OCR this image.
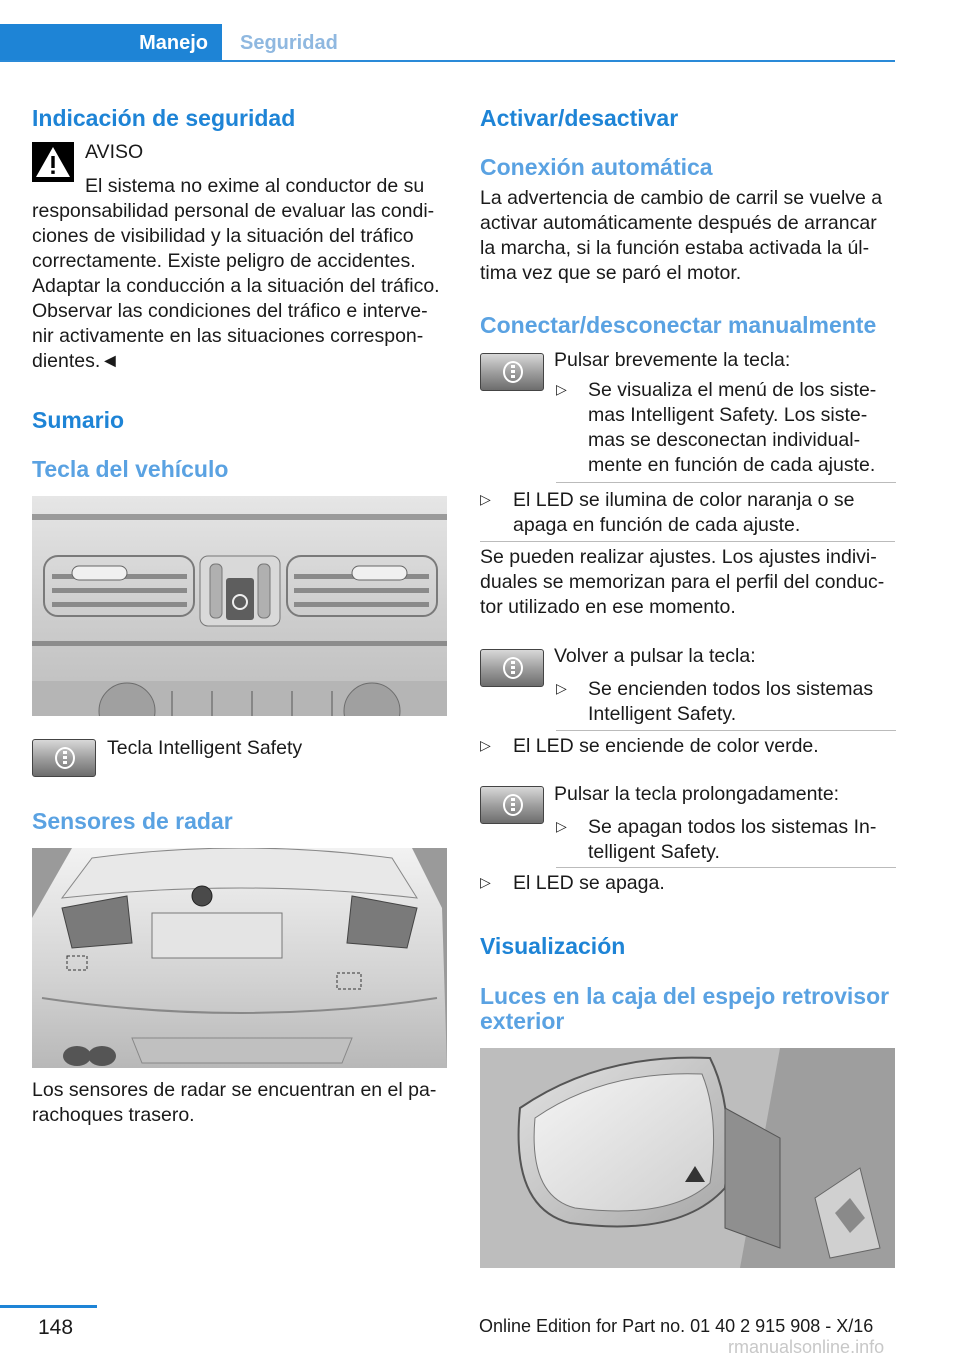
Manejo	Seguridad
Indicación de seguridad

AVISO

El sistema no exime al conductor de su

responsabilidad personal de evaluar las condi-

ciones de visibilidad y la situación del tráfico

correctamente. Existe peligro de accidentes.

Adaptar la conducción a la situación del tráfico.

Observar las condiciones del tráfico e interve-

nir activamente en las situaciones correspon-

dientes.◄

Sumario
Tecla del vehículo

Tecla Intelligent Safety

Sensores de radar

Los sensores de radar se encuentran en el pa-

rachoques trasero.

Activar/desactivar
Conexión automática

La advertencia de cambio de carril se vuelve a

activar automáticamente después de arrancar

la marcha, si la función estaba activada la úl-

tima vez que se paró el motor.

Conectar/desconectar manualmente

Pulsar brevemente la tecla:

▷ Se visualiza el menú de los siste-

mas Intelligent Safety. Los siste-

mas se desconectan individual-

mente en función de cada ajuste.

▷ El LED se ilumina de color naranja o se

apaga en función de cada ajuste.

Se pueden realizar ajustes. Los ajustes indivi-

duales se memorizan para el perfil del conduc-

tor utilizado en ese momento.

Volver a pulsar la tecla:

▷ Se encienden todos los sistemas

Intelligent Safety.

▷ El LED se enciende de color verde.

Pulsar la tecla prolongadamente:

▷ Se apagan todos los sistemas In-

telligent Safety.

▷ El LED se apaga.

Visualización
Luces en la caja del espejo retrovisor
exterior
148	Online Edition for Part no. 01 40 2 915 908 - X/16
rmanualsonline.info
